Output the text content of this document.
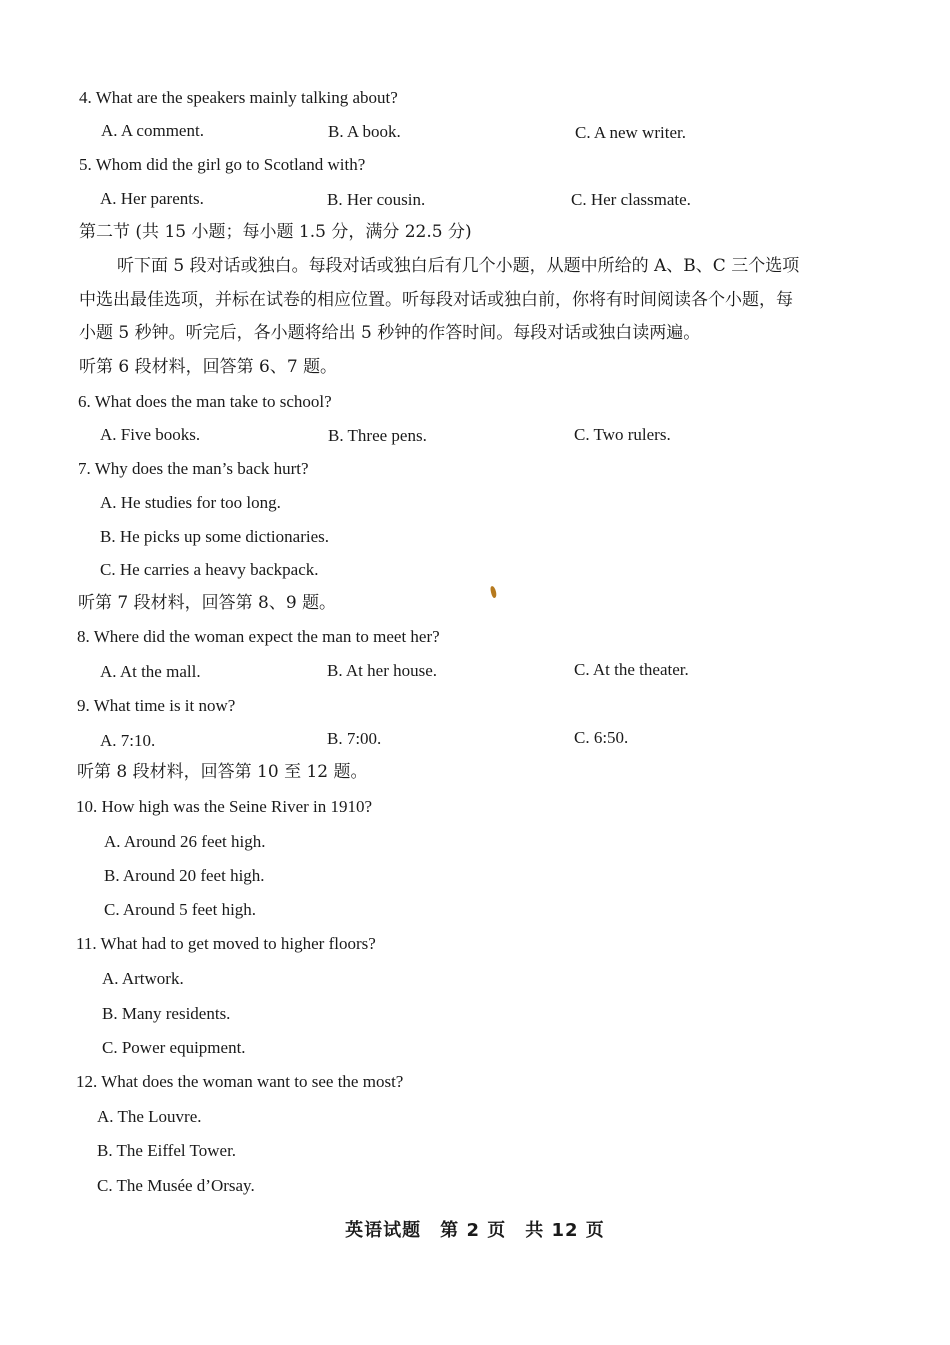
4. What are the speakers mainly talking about?
A. A comment.	B. A book.	C. A new writer.
5. Whom did the girl go to Scotland with?
A. Her parents.	B. Her cousin.	C. Her classmate.
第二节 (共 15 小题；每小题 1.5 分，满分 22.5 分)
听下面 5 段对话或独白。每段对话或独白后有几个小题，从题中所给的 A、B、C 三个选项
中选出最佳选项，并标在试卷的相应位置。听每段对话或独白前，你将有时间阅读各个小题，每
小题 5 秒钟。听完后，各小题将给出 5 秒钟的作答时间。每段对话或独白读两遍。
听第 6 段材料，回答第 6、7 题。
6. What does the man take to school?
A. Five books.	B. Three pens.	C. Two rulers.
7. Why does the man’s back hurt?
A. He studies for too long.
B. He picks up some dictionaries.
C. He carries a heavy backpack.
听第 7 段材料，回答第 8、9 题。
8. Where did the woman expect the man to meet her?
A. At the mall.	B. At her house.	C. At the theater.
9. What time is it now?
A. 7:10.	B. 7:00.	C. 6:50.
听第 8 段材料，回答第 10 至 12 题。
10. How high was the Seine River in 1910?
A. Around 26 feet high.
B. Around 20 feet high.
C. Around 5 feet high.
11. What had to get moved to higher floors?
A. Artwork.
B. Many residents.
C. Power equipment.
12. What does the woman want to see the most?
A. The Louvre.
B. The Eiffel Tower.
C. The Musée d’Orsay.
英语试题　第 2 页　共 12 页
